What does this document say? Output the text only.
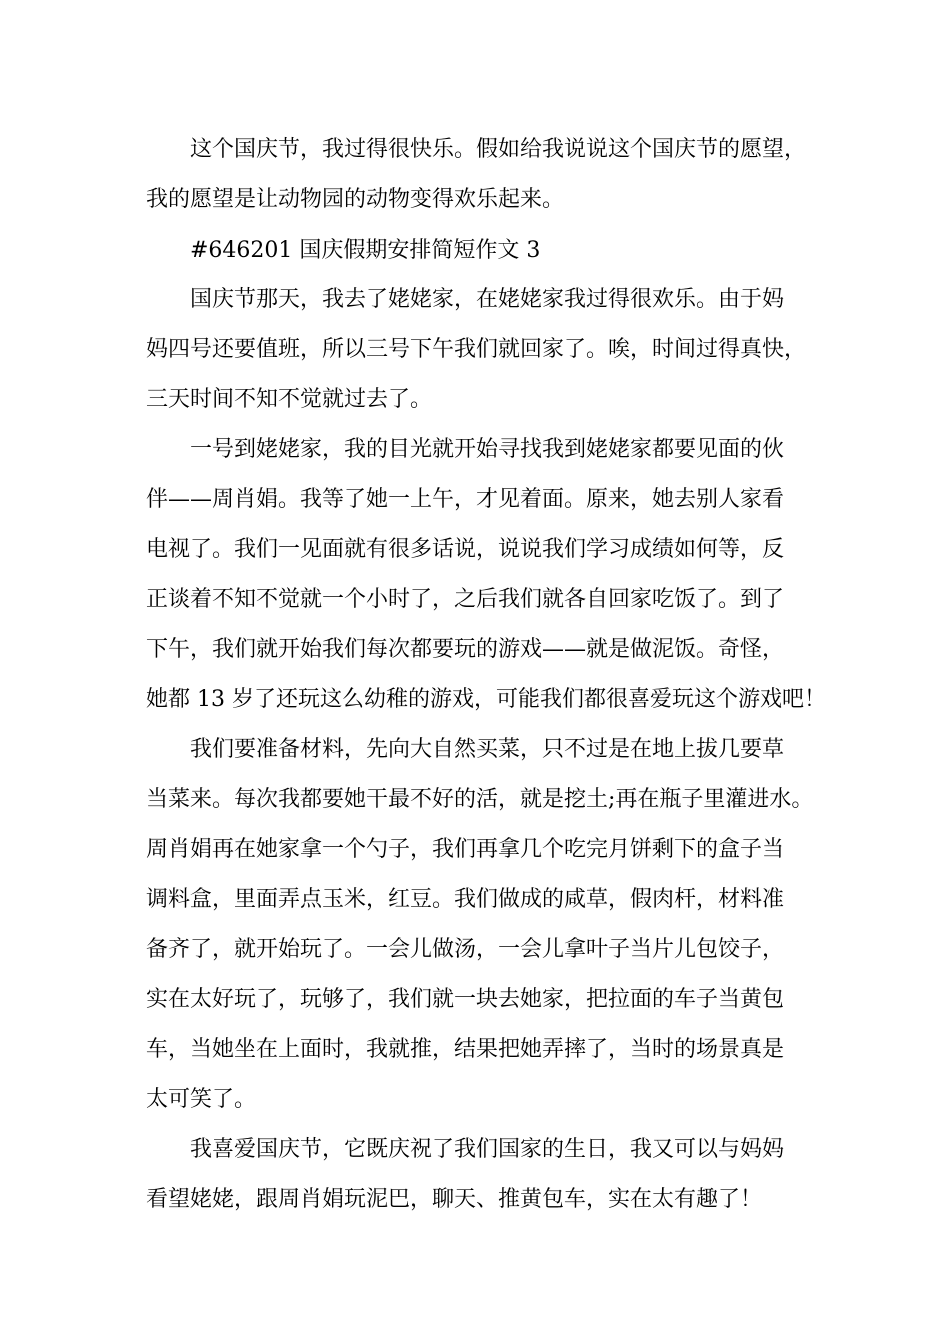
这个国庆节，我过得很快乐。假如给我说说这个国庆节的愿望，
我的愿望是让动物园的动物变得欢乐起来。
#646201 国庆假期安排简短作文 3
国庆节那天，我去了姥姥家，在姥姥家我过得很欢乐。由于妈
妈四号还要值班，所以三号下午我们就回家了。唉，时间过得真快，
三天时间不知不觉就过去了。
一号到姥姥家，我的目光就开始寻找我到姥姥家都要见面的伙
伴——周肖娟。我等了她一上午，才见着面。原来，她去别人家看
电视了。我们一见面就有很多话说，说说我们学习成绩如何等，反
正谈着不知不觉就一个小时了，之后我们就各自回家吃饭了。到了
下午，我们就开始我们每次都要玩的游戏——就是做泥饭。奇怪，
她都 13 岁了还玩这么幼稚的游戏，可能我们都很喜爱玩这个游戏吧！
我们要准备材料，先向大自然买菜，只不过是在地上拔几要草
当菜来。每次我都要她干最不好的活，就是挖土;再在瓶子里灌进水。
周肖娟再在她家拿一个勺子，我们再拿几个吃完月饼剩下的盒子当
调料盒，里面弄点玉米，红豆。我们做成的咸草，假肉杆，材料准
备齐了，就开始玩了。一会儿做汤，一会儿拿叶子当片儿包饺子，
实在太好玩了，玩够了，我们就一块去她家，把拉面的车子当黄包
车，当她坐在上面时，我就推，结果把她弄摔了，当时的场景真是
太可笑了。
我喜爱国庆节，它既庆祝了我们国家的生日，我又可以与妈妈
看望姥姥，跟周肖娟玩泥巴，聊天、推黄包车，实在太有趣了！
